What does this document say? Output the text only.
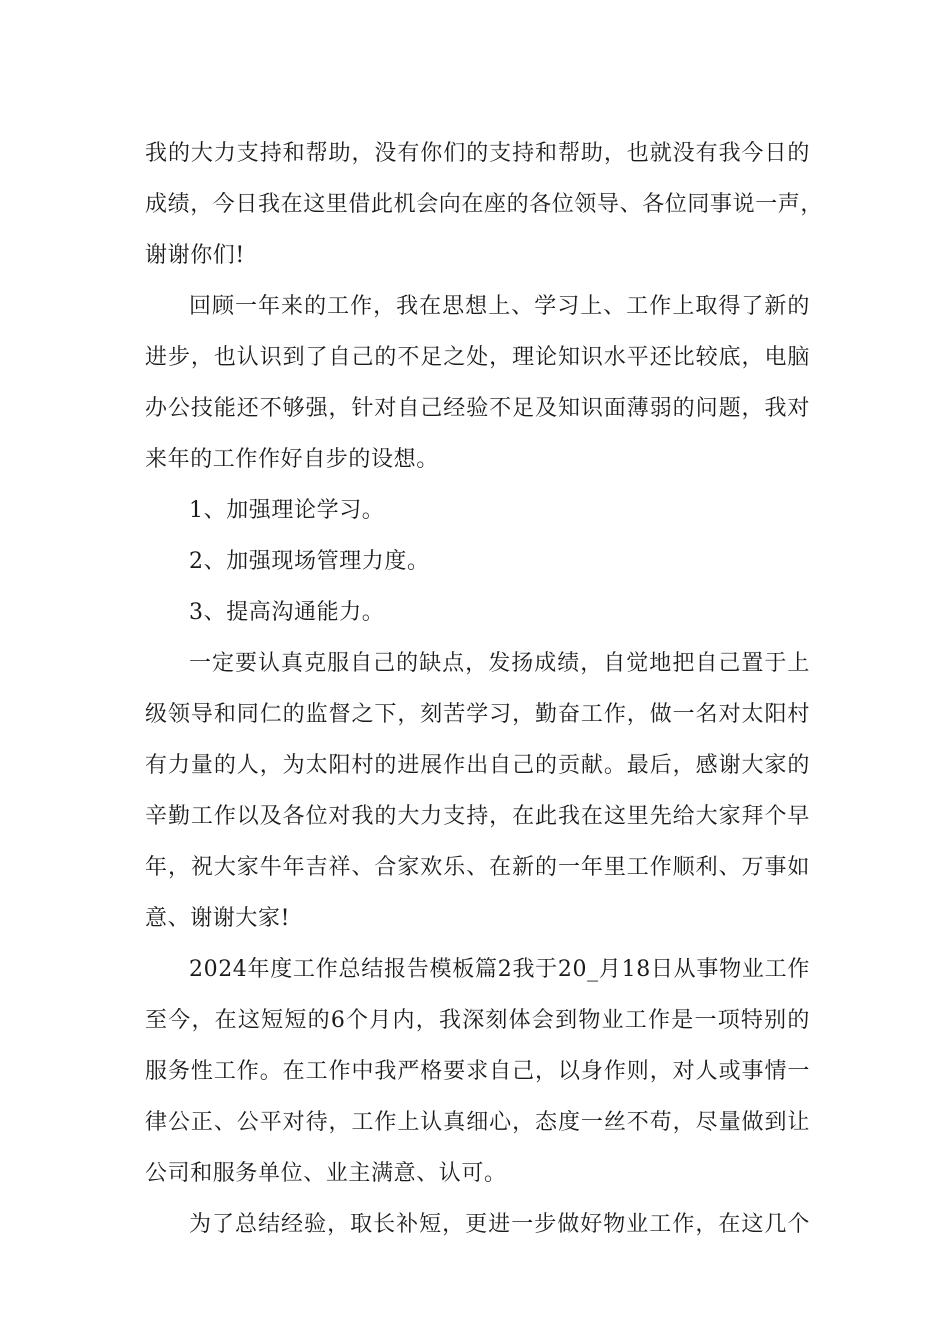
我的大力支持和帮助，没有你们的支持和帮助，也就没有我今日的
成绩，今日我在这里借此机会向在座的各位领导、各位同事说一声，
谢谢你们!
回顾一年来的工作，我在思想上、学习上、工作上取得了新的
进步，也认识到了自己的不足之处，理论知识水平还比较底，电脑
办公技能还不够强，针对自己经验不足及知识面薄弱的问题，我对
来年的工作作好自步的设想。
1、加强理论学习。
2、加强现场管理力度。
3、提高沟通能力。
一定要认真克服自己的缺点，发扬成绩，自觉地把自己置于上
级领导和同仁的监督之下，刻苦学习，勤奋工作，做一名对太阳村
有力量的人，为太阳村的进展作出自己的贡献。最后，感谢大家的
辛勤工作以及各位对我的大力支持，在此我在这里先给大家拜个早
年，祝大家牛年吉祥、合家欢乐、在新的一年里工作顺利、万事如
意、谢谢大家!
2024年度工作总结报告模板篇2我于20_月18日从事物业工作
至今，在这短短的6个月内，我深刻体会到物业工作是一项特别的
服务性工作。在工作中我严格要求自己，以身作则，对人或事情一
律公正、公平对待，工作上认真细心，态度一丝不苟，尽量做到让
公司和服务单位、业主满意、认可。
为了总结经验，取长补短，更进一步做好物业工作，在这几个
